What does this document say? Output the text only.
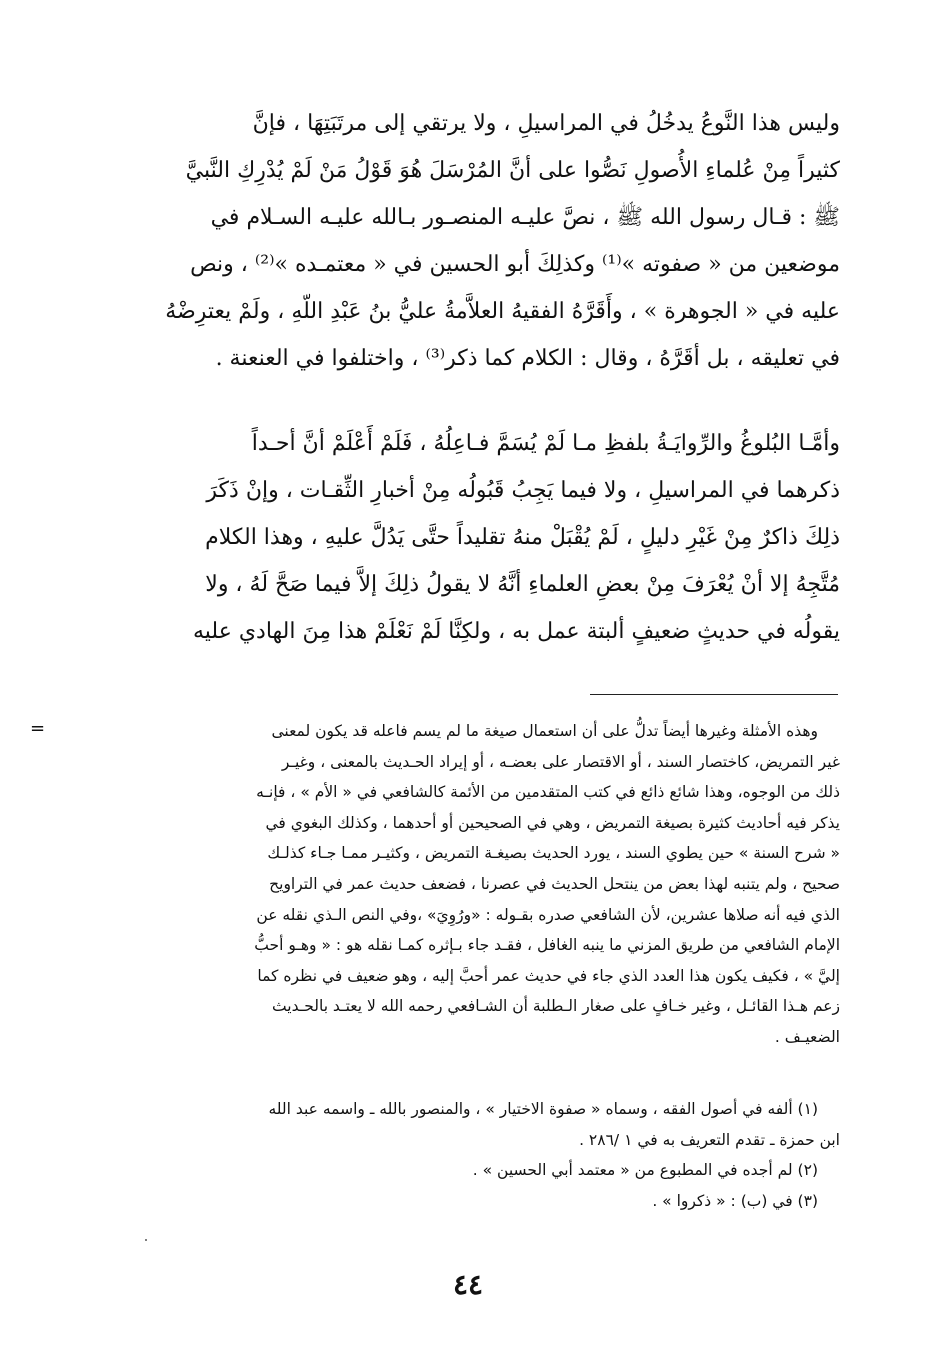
وليس هذا النَّوعُ يدخُلُ في المراسيلِ ، ولا يرتقي إلى مرتَبَتِهَا ، فإنَّ
كثيراً مِنْ عُلماءِ الأُصولِ نَصُّوا على أنَّ المُرْسَلَ هُوَ قَوْلُ مَنْ لَمْ يُدْرِكِ النَّبيَّ
ﷺ : قـال رسول الله ﷺ ، نصَّ عليـه المنصـور بـالله عليـه السـلام في
موضعين من « صفوته »⁽¹⁾ وكذلِكَ أبو الحسين في « معتمـده »⁽²⁾ ، ونص
عليه في « الجوهرة » ، وأَقَرَّهُ الفقيهُ العلاَّمةُ عليُّ بنُ عَبْدِ اللّهِ ، ولَمْ يعترِضْهُ
في تعليقه ، بل أقَرَّهُ ، وقال : الكلام كما ذكر⁽³⁾ ، واختلفوا في العنعنة .
وأمَّـا البُلوغُ والرِّوايَـةُ بلفظِ مـا لَمْ يُسَمَّ فـاعِلُهُ ، فَلَمْ أَعْلَمْ أنَّ أحـداً
ذكرهما في المراسيلِ ، ولا فيما يَجِبُ قَبُولُه مِنْ أخبارِ الثِّقـات ، وإنْ ذَكَرَ
ذلِكَ ذاكرٌ مِنْ غَيْرِ دليلٍ ، لَمْ يُقْبَلْ منهُ تقليداً حتَّى يَدُلَّ عليهِ ، وهذا الكلام
مُتَّجِهُ إلا أنْ يُعْرَفَ مِنْ بعضِ العلماءِ أنَّهُ لا يقولُ ذلِكَ إلاَّ فيما صَحَّ لَهُ ، ولا
يقولُه في حديثٍ ضعيفٍ ألبتة عمل به ، ولكِنَّا لَمْ نَعْلَمْ هذا مِنَ الهادي عليه
=	وهذه الأمثلة وغيرها أيضاً تدلُّ على أن استعمال صيغة ما لم يسم فاعله قد يكون لمعنى
غير التمريض، كاختصار السند ، أو الاقتصار على بعضـه ، أو إيراد الحـديث بالمعنى ، وغيـر
ذلك من الوجوه، وهذا شائع ذائع في كتب المتقدمين من الأئمة كالشافعي في « الأم » ، فإنـه
يذكر فيه أحاديث كثيرة بصيغة التمريض ، وهي في الصحيحين أو أحدهما ، وكذلك البغوي في
« شرح السنة » حين يطوي السند ، يورد الحديث بصيغـة التمريض ، وكثيـر ممـا جـاء كذلـك
صحيح ، ولم يتنبه لهذا بعض من ينتحل الحديث في عصرنا ، فضعف حديث عمر في التراويح
الذي فيه أنه صلاها عشرين، لأن الشافعي صدره بقـوله : «ورُوِيَ» ،وفي النص الـذي نقله عن
الإمام الشافعي من طريق المزني ما ينبه الغافل ، فقـد جاء بـإثره كمـا نقله هو : « وهـو أحبُّ
إليَّ » ، فكيف يكون هذا العدد الذي جاء في حديث عمر أحبَّ إليه ، وهو ضعيف في نظره كما
زعم هـذا القائـل ، وغير خـافٍ على صغار الـطلبة أن الشـافعي رحمه الله لا يعتـد بالحـديث
الضعيـف .
(١) ألفه في أصول الفقه ، وسماه « صفوة الاختيار » ، والمنصور بالله ـ واسمه عبد الله
ابن حمزة ـ تقدم التعريف به في ١ /٢٨٦ .
(٢) لم أجده في المطبوع من « معتمد أبي الحسين » .
(٣) في (ب) : « ذكروا » .
٤٤
